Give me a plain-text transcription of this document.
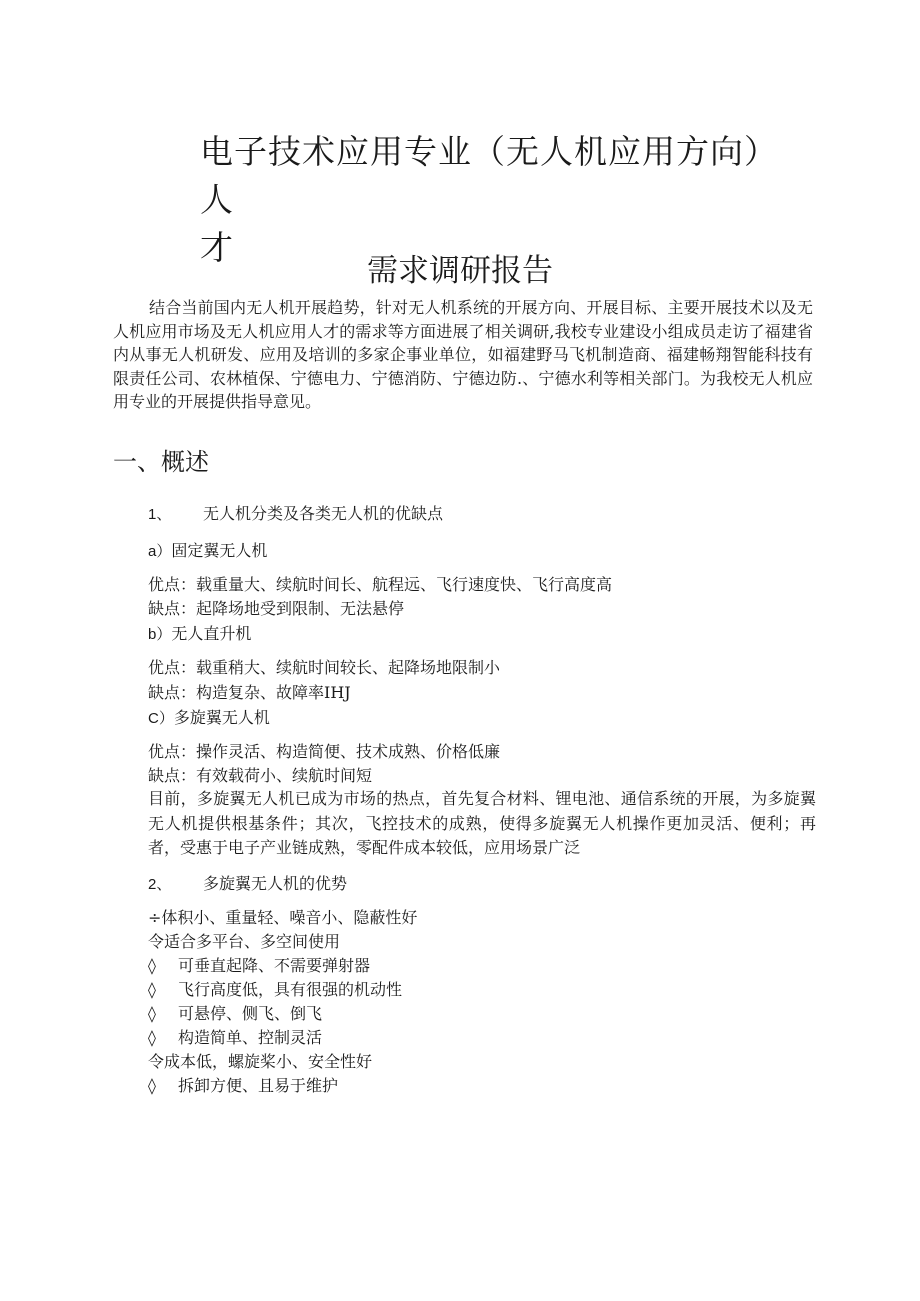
电子技术应用专业（无人机应用方向）人
才
需求调研报告

结合当前国内无人机开展趋势，针对无人机系统的开展方向、开展目标、主要开展技术以及无人机应用市场及无人机应用人才的需求等方面进展了相关调研,我校专业建设小组成员走访了福建省内从事无人机研发、应用及培训的多家企事业单位，如福建野马飞机制造商、福建畅翔智能科技有限责任公司、农林植保、宁德电力、宁德消防、宁德边防.、宁德水利等相关部门。为我校无人机应用专业的开展提供指导意见。

一、概述
1、 无人机分类及各类无人机的优缺点
a）固定翼无人机
优点：载重量大、续航时间长、航程远、飞行速度快、飞行高度高
缺点：起降场地受到限制、无法悬停
b）无人直升机
优点：载重稍大、续航时间较长、起降场地限制小
缺点：构造复杂、故障率IHJ
C）多旋翼无人机
优点：操作灵活、构造简便、技术成熟、价格低廉
缺点：有效载荷小、续航时间短

目前，多旋翼无人机已成为市场的热点，首先复合材料、锂电池、通信系统的开展，为多旋翼无人机提供根基条件；其次，飞控技术的成熟，使得多旋翼无人机操作更加灵活、便利；再者，受惠于电子产业链成熟，零配件成本较低，应用场景广泛

2、 多旋翼无人机的优势
÷体积小、重量轻、噪音小、隐蔽性好
令适合多平台、多空间使用
◊ 可垂直起降、不需要弹射器
◊ 飞行高度低，具有很强的机动性
◊ 可悬停、侧飞、倒飞
◊ 构造简单、控制灵活
令成本低，螺旋桨小、安全性好
◊ 拆卸方便、且易于维护
